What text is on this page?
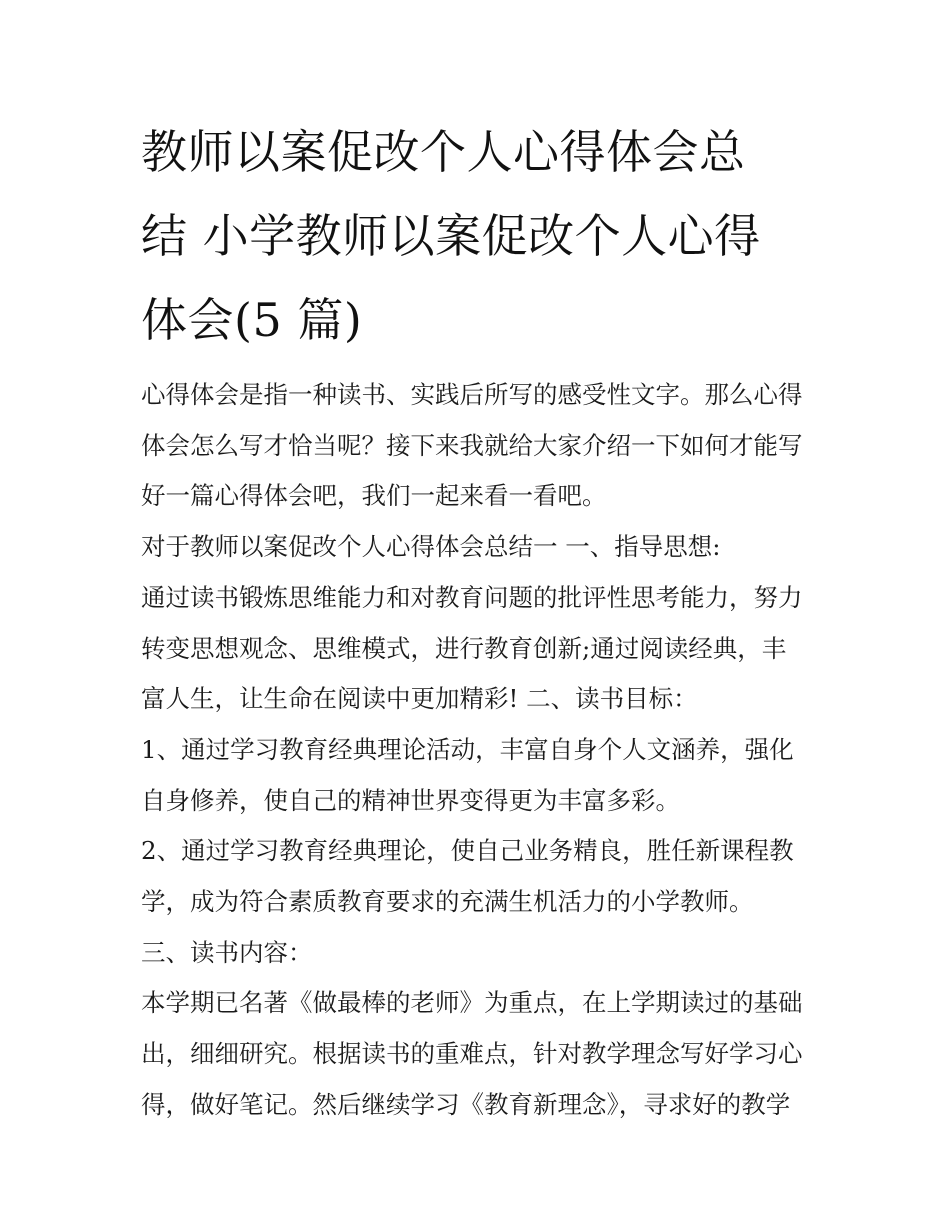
教师以案促改个人心得体会总
结 小学教师以案促改个人心得
体会(5 篇)
心得体会是指一种读书、实践后所写的感受性文字。那么心得
体会怎么写才恰当呢？接下来我就给大家介绍一下如何才能写
好一篇心得体会吧，我们一起来看一看吧。
对于教师以案促改个人心得体会总结一 一、指导思想:
通过读书锻炼思维能力和对教育问题的批评性思考能力，努力
转变思想观念、思维模式，进行教育创新;通过阅读经典，丰
富人生，让生命在阅读中更加精彩! 二、读书目标：
1、通过学习教育经典理论活动，丰富自身个人文涵养，强化
自身修养，使自己的精神世界变得更为丰富多彩。
2、通过学习教育经典理论，使自己业务精良，胜任新课程教
学，成为符合素质教育要求的充满生机活力的小学教师。
三、读书内容：
本学期已名著《做最棒的老师》为重点，在上学期读过的基础
出，细细研究。根据读书的重难点，针对教学理念写好学习心
得，做好笔记。然后继续学习《教育新理念》，寻求好的教学
